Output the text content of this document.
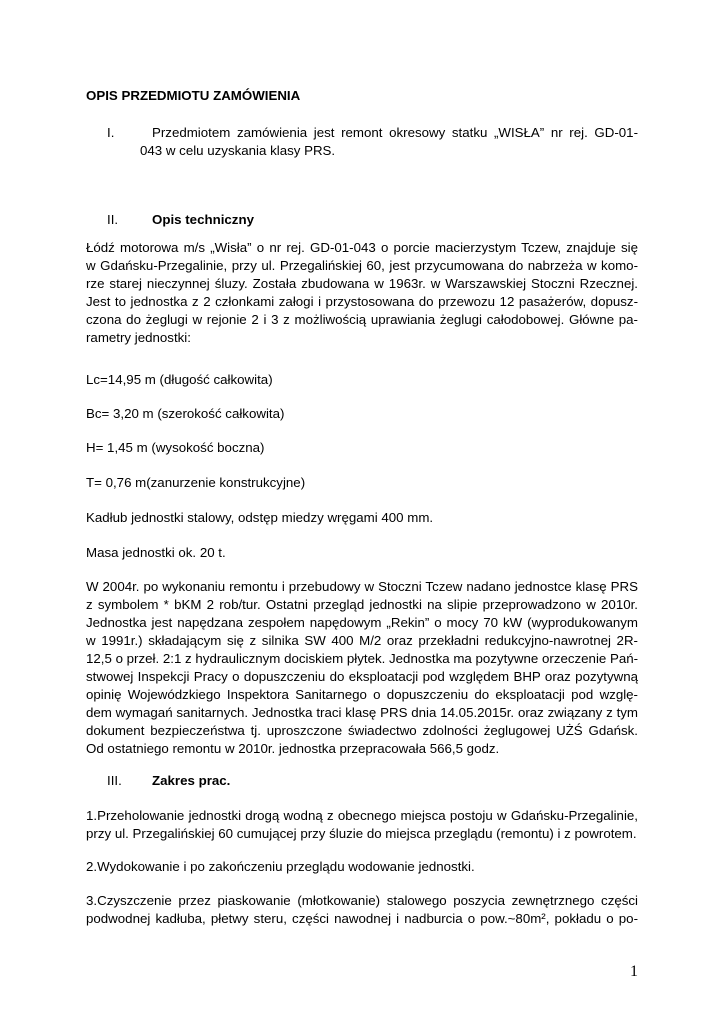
OPIS PRZEDMIOTU ZAMÓWIENIA
I.	Przedmiotem zamówienia jest remont okresowy statku „WISŁA” nr rej. GD-01-
043 w celu uzyskania klasy PRS.
II.	Opis techniczny
Łódź motorowa m/s „Wisła” o nr rej. GD-01-043 o porcie macierzystym Tczew, znajduje się
w Gdańsku-Przegalinie, przy ul. Przegalińskiej 60, jest przycumowana do nabrzeża w komo-
rze starej nieczynnej śluzy. Została zbudowana w 1963r. w Warszawskiej Stoczni Rzecznej.
Jest to jednostka z 2 członkami załogi i przystosowana do przewozu 12 pasażerów, dopusz-
czona do żeglugi w rejonie 2 i 3 z możliwością uprawiania żeglugi całodobowej. Główne pa-
rametry jednostki:
Lc=14,95 m (długość całkowita)
Bc= 3,20 m (szerokość całkowita)
H= 1,45 m (wysokość boczna)
T= 0,76 m(zanurzenie konstrukcyjne)
Kadłub jednostki stalowy, odstęp miedzy wręgami 400 mm.
Masa jednostki ok. 20 t.
W 2004r. po wykonaniu remontu i przebudowy w Stoczni Tczew nadano jednostce klasę PRS
z symbolem * bKM 2 rob/tur. Ostatni przegląd jednostki na slipie przeprowadzono w 2010r.
Jednostka jest napędzana zespołem napędowym „Rekin” o mocy 70 kW (wyprodukowanym
w 1991r.) składającym się z silnika SW 400 M/2 oraz przekładni redukcyjno-nawrotnej 2R-
12,5 o przeł. 2:1 z hydraulicznym dociskiem płytek. Jednostka ma pozytywne orzeczenie Pań-
stwowej Inspekcji Pracy o dopuszczeniu do eksploatacji pod względem BHP oraz pozytywną
opinię Wojewódzkiego Inspektora Sanitarnego o dopuszczeniu do eksploatacji pod wzglę-
dem wymagań sanitarnych. Jednostka traci klasę PRS dnia 14.05.2015r. oraz związany z tym
dokument bezpieczeństwa tj. uproszczone świadectwo zdolności żeglugowej UŻŚ Gdańsk.
Od ostatniego remontu w 2010r. jednostka przepracowała 566,5 godz.
III. Zakres prac.
1.Przeholowanie jednostki drogą wodną z obecnego miejsca postoju w Gdańsku-Przegalinie,
przy ul. Przegalińskiej 60 cumującej przy śluzie do miejsca przeglądu (remontu) i z powrotem.
2.Wydokowanie i po zakończeniu przeglądu wodowanie jednostki.
3.Czyszczenie przez piaskowanie (młotkowanie) stalowego poszycia zewnętrznego części
podwodnej kadłuba, płetwy steru, części nawodnej i nadburcia o pow.~80m², pokładu o po-
1
